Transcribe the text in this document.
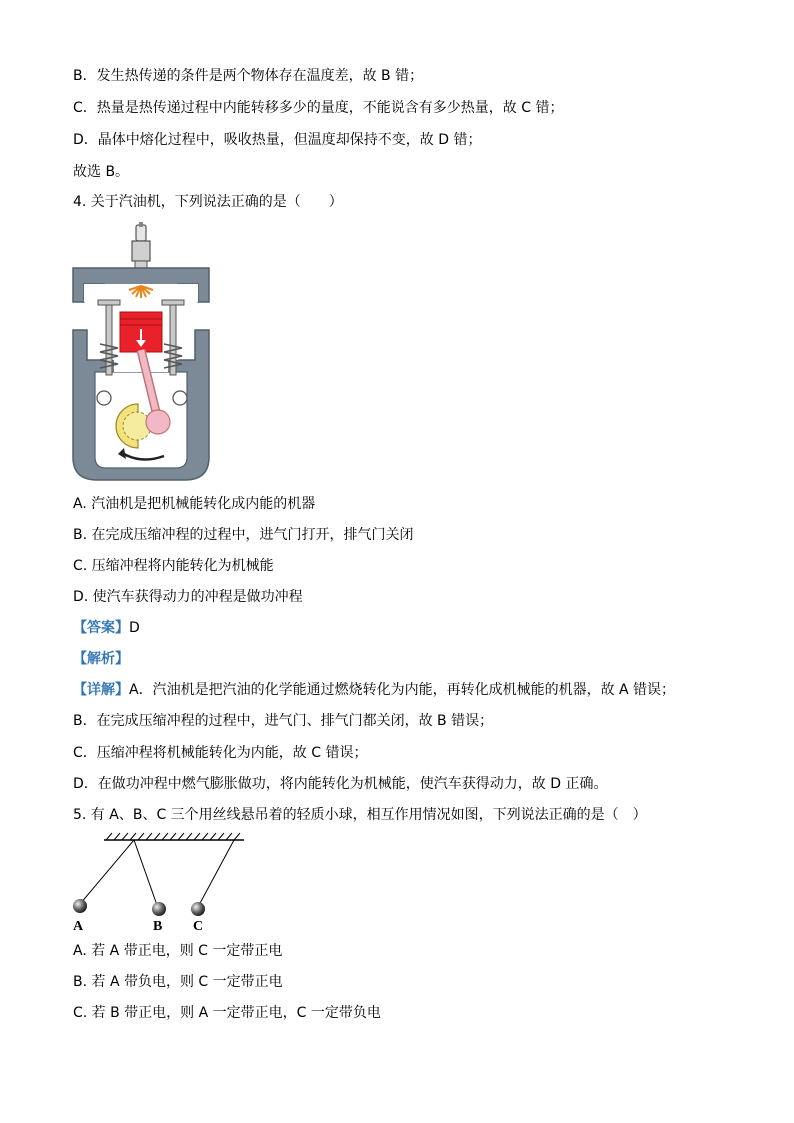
B．发生热传递的条件是两个物体存在温度差，故 B 错；
C．热量是热传递过程中内能转移多少的量度，不能说含有多少热量，故 C 错；
D．晶体中熔化过程中，吸收热量，但温度却保持不变，故 D 错；
故选 B。
4. 关于汽油机，下列说法正确的是（　　）
A. 汽油机是把机械能转化成内能的机器
B. 在完成压缩冲程的过程中，进气门打开，排气门关闭
C. 压缩冲程将内能转化为机械能
D. 使汽车获得动力的冲程是做功冲程
【答案】D
【解析】
【详解】A．汽油机是把汽油的化学能通过燃烧转化为内能，再转化成机械能的机器，故 A 错误；
B．在完成压缩冲程的过程中，进气门、排气门都关闭，故 B 错误；
C．压缩冲程将机械能转化为内能，故 C 错误；
D．在做功冲程中燃气膨胀做功，将内能转化为机械能，使汽车获得动力，故 D 正确。
5. 有 A、B、C 三个用丝线悬吊着的轻质小球，相互作用情况如图，下列说法正确的是（　）
A	B C
A. 若 A 带正电，则 C 一定带正电
B. 若 A 带负电，则 C 一定带正电
C. 若 B 带正电，则 A 一定带正电，C 一定带负电
